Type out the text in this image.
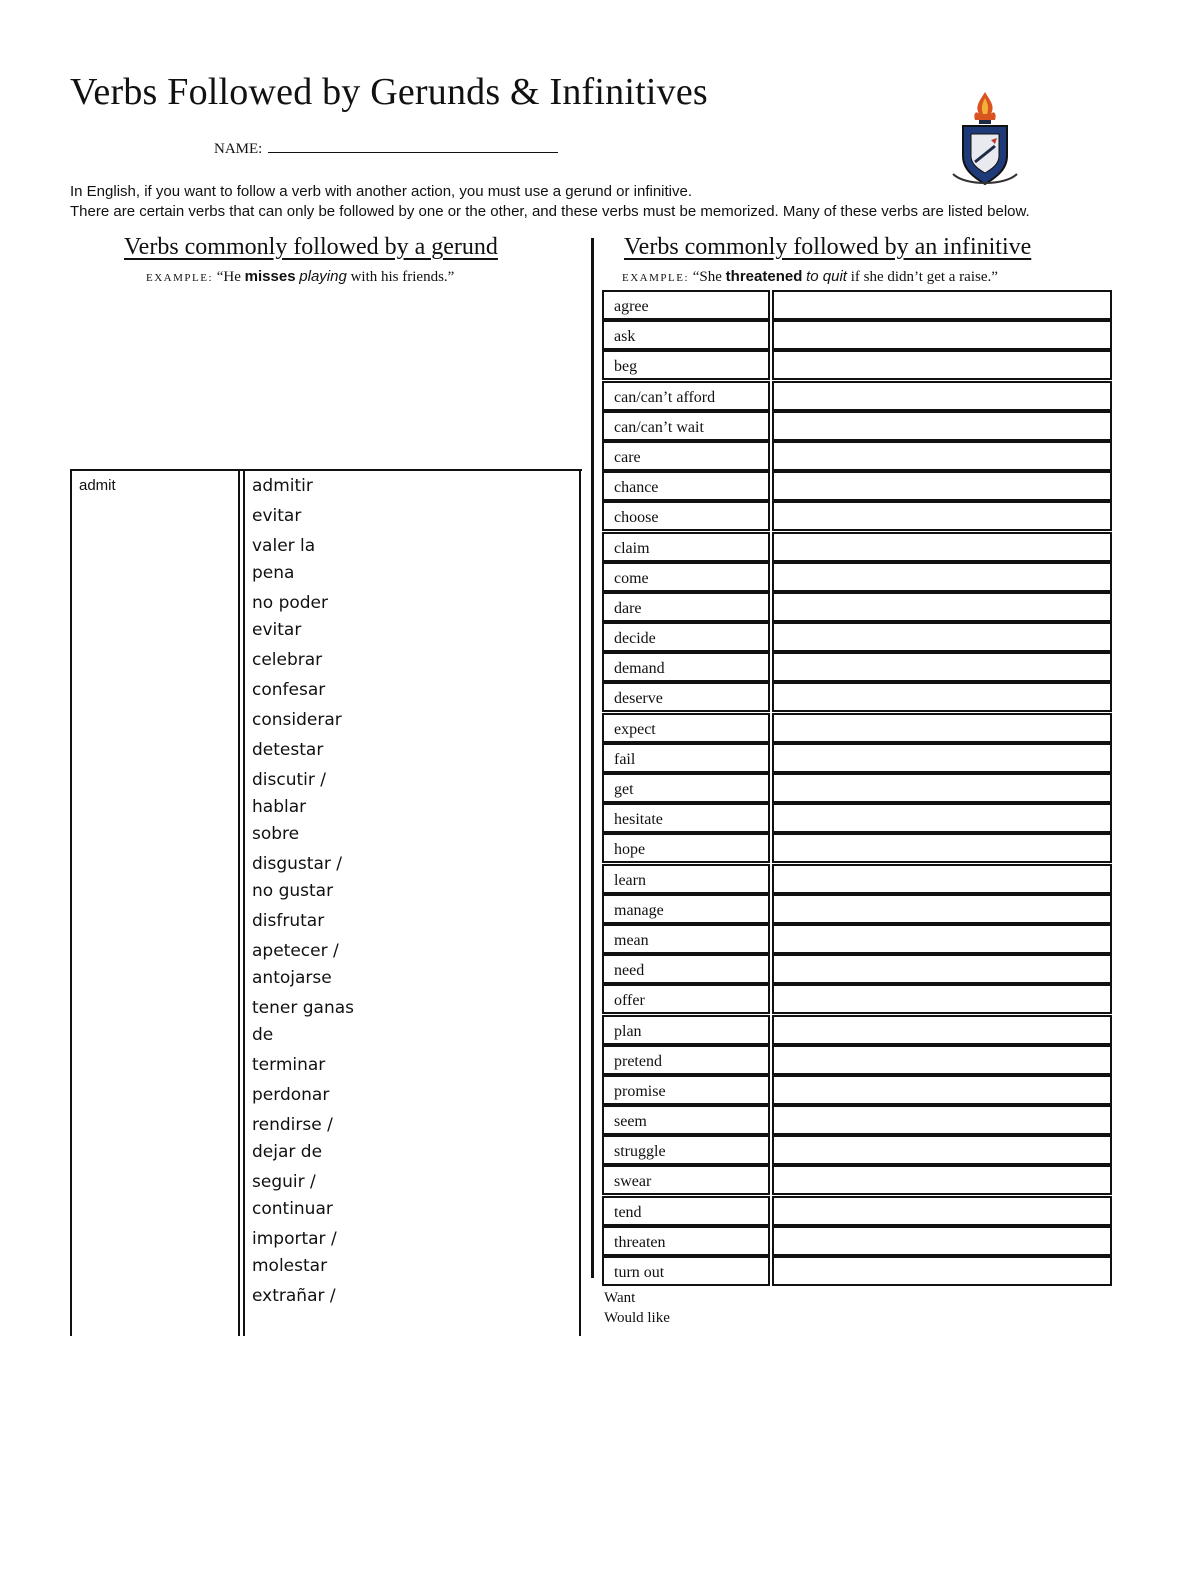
Verbs Followed by Gerunds & Infinitives
NAME:
In English, if you want to follow a verb with another action, you must use a gerund or infinitive.
There are certain verbs that can only be followed by one or the other, and these verbs must be memorized. Many of these verbs are listed below.
Verbs commonly followed by a gerund
EXAMPLE: “He misses playing with his friends.”
admit	admitir
evitar
valer la
pena
no poder
evitar
celebrar
confesar
considerar
detestar
discutir /
hablar
sobre
disgustar /
no gustar
disfrutar
apetecer /
antojarse
tener ganas
de
terminar
perdonar
rendirse /
dejar de
seguir /
continuar
importar /
molestar
extrañar /
Verbs commonly followed by an infinitive
EXAMPLE: “She threatened to quit if she didn’t get a raise.”
agree
ask
beg
can/can’t afford
can/can’t wait
care
chance
choose
claim
come
dare
decide
demand
deserve
expect
fail
get
hesitate
hope
learn
manage
mean
need
offer
plan
pretend
promise
seem
struggle
swear
tend
threaten
turn out
Want
Would like
